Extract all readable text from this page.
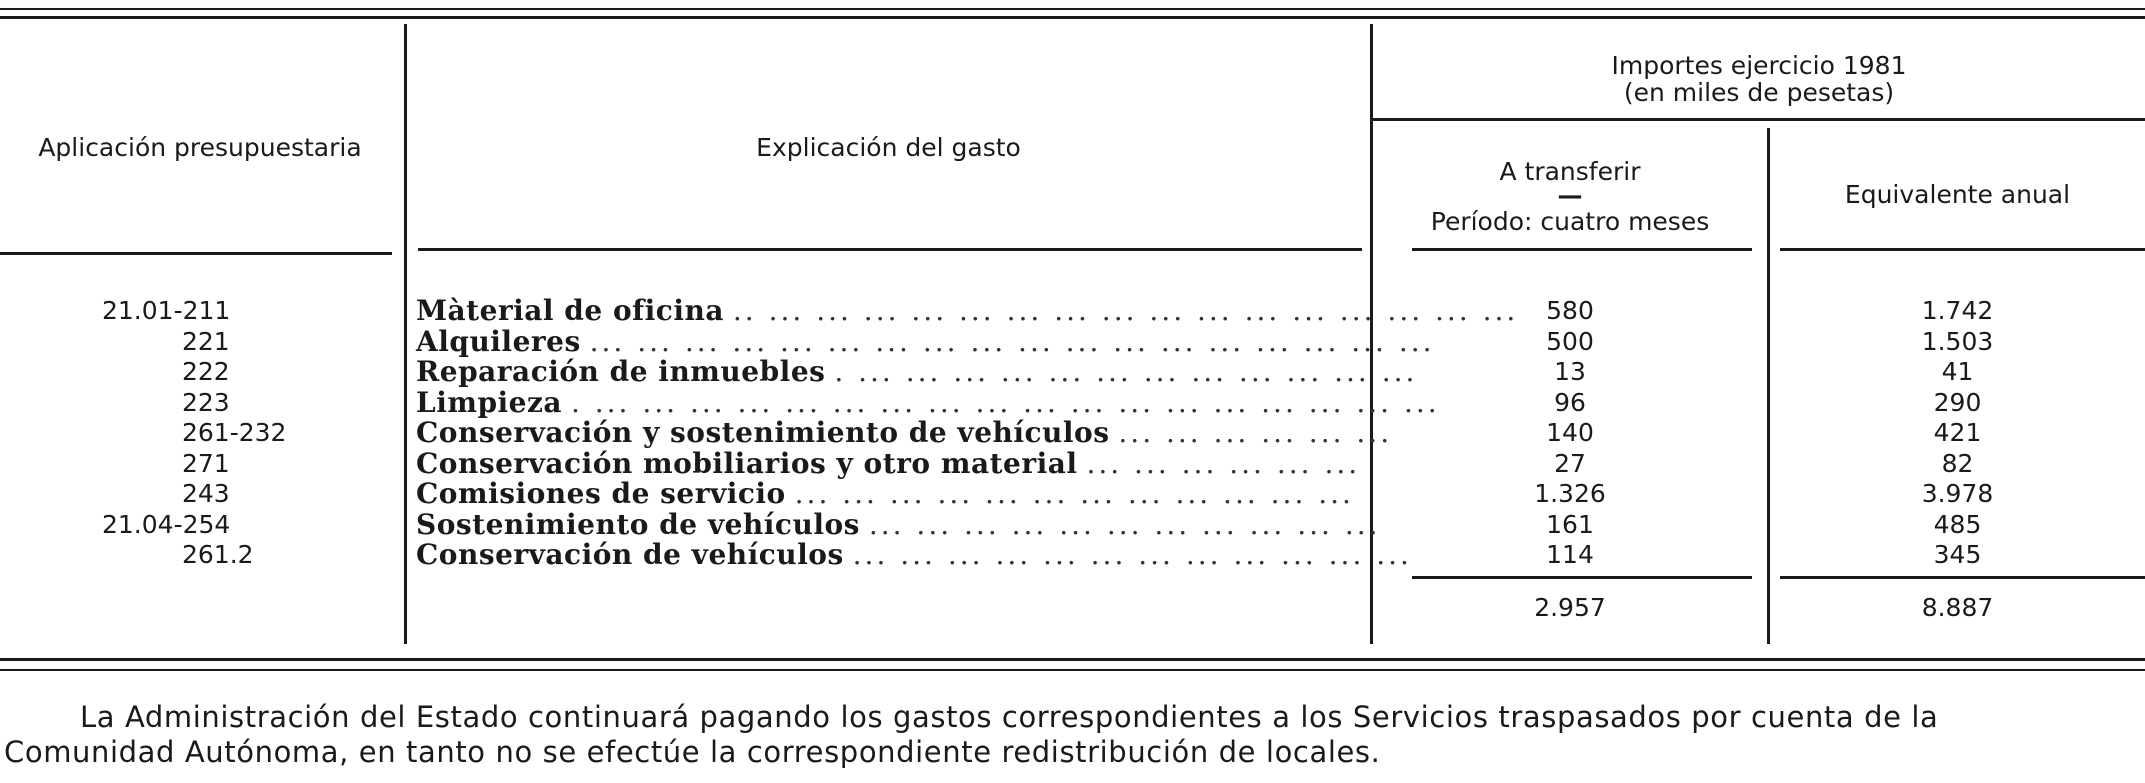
Aplicación presupuestaria	Explicación del gasto
Importes ejercicio 1981
(en miles de pesetas)
A transferir
—
Período: cuatro meses
Equivalente anual
21.01-211
221
222
223
261-232
271
243
21.04-254
261.2
Màterial de oficina .. ... ... ... ... ... ... ... ... ... ... ... ... ... ... ... ...
Alquileres ... ... ... ... ... ... ... ... ... ... ... ... ... ... ... ... ... ...
Reparación de inmuebles . ... ... ... ... ... ... ... ... ... ... ... ...
Limpieza . ... ... ... ... ... ... ... ... ... ... ... ... ... ... ... ... ... ...
Conservación y sostenimiento de vehículos ... ... ... ... ... ...
Conservación mobiliarios y otro material ... ... ... ... ... ...
Comisiones de servicio ... ... ... ... ... ... ... ... ... ... ... ...
Sostenimiento de vehículos ... ... ... ... ... ... ... ... ... ... ...
Conservación de vehículos ... ... ... ... ... ... ... ... ... ... ... ...
580
500
13
96
140
27
1.326
161
114
1.742
1.503
41
290
421
82
3.978
485
345
2.957	8.887
La Administración del Estado continuará pagando los gastos correspondientes a los Servicios traspasados por cuenta de la
Comunidad Autónoma, en tanto no se efectúe la correspondiente redistribución de locales.
